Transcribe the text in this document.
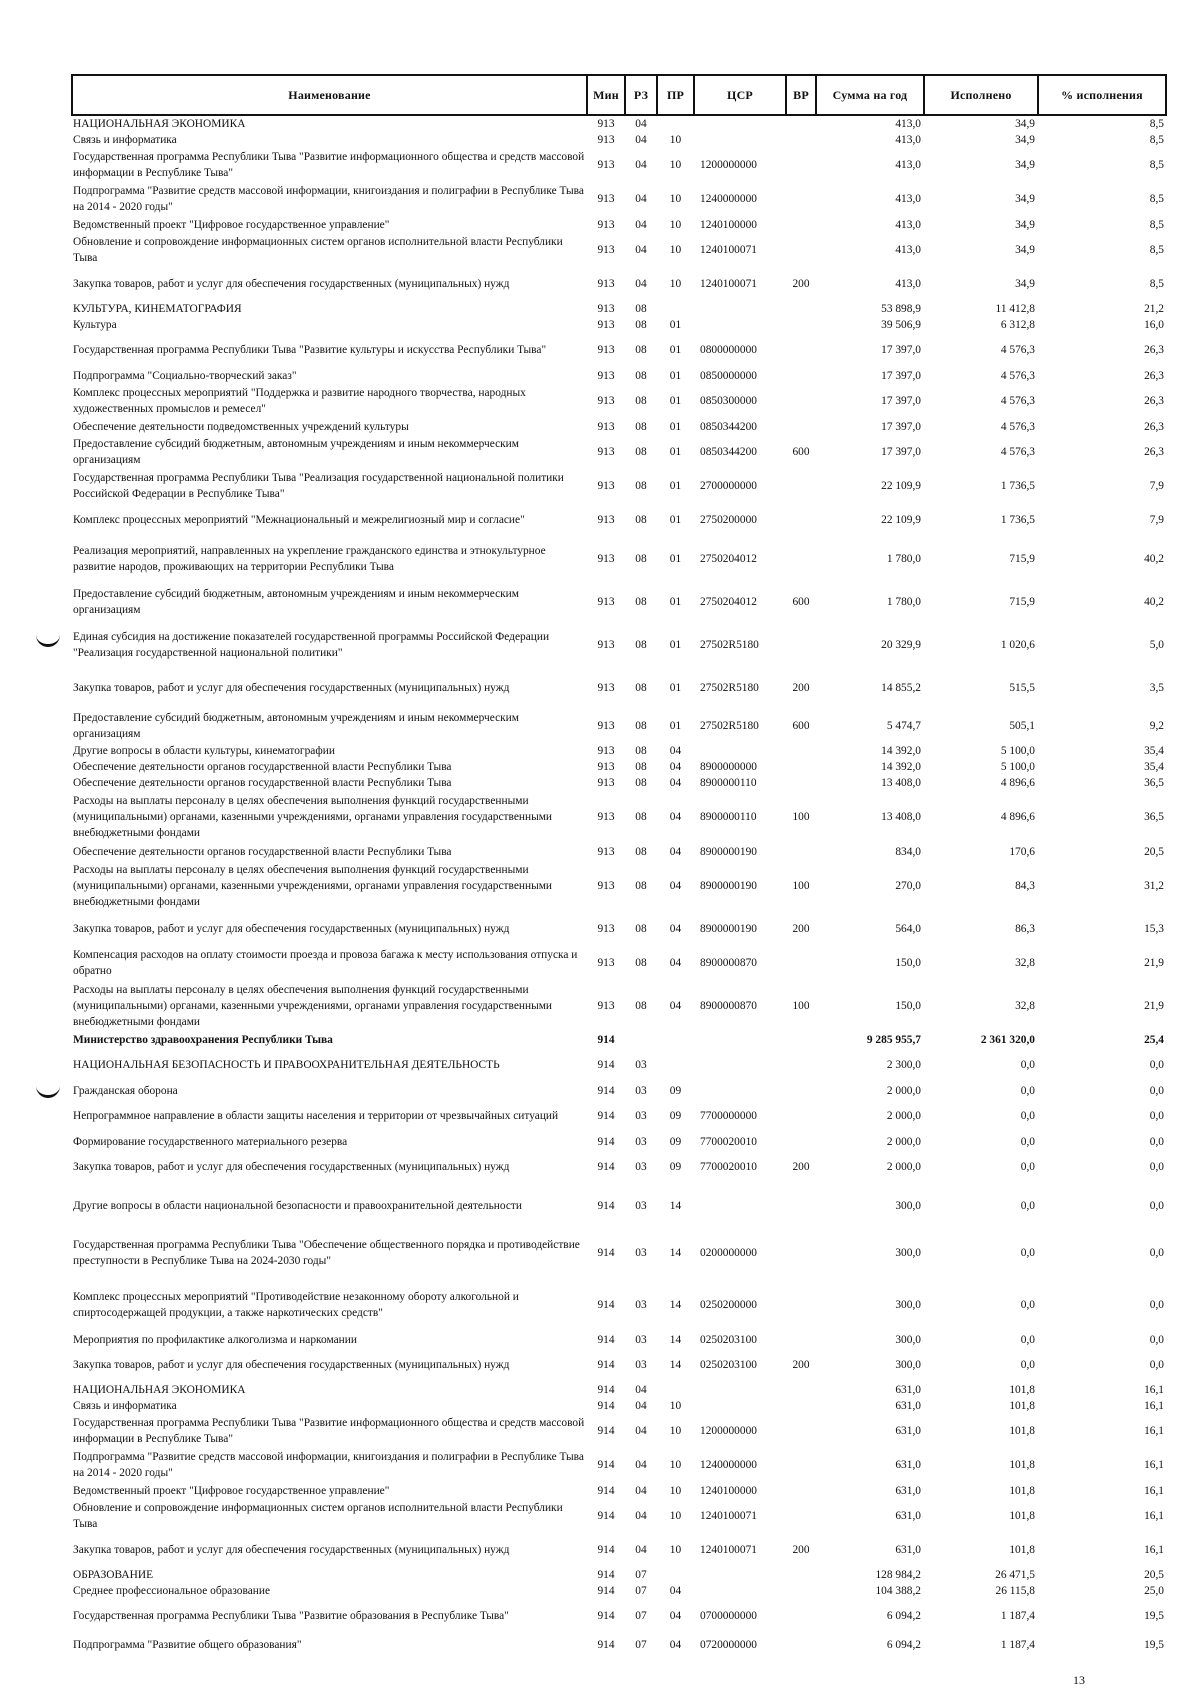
Наименование	Мин	РЗ	ПР	ЦСР	ВР	Сумма на год	Исполнено	% исполнения
НАЦИОНАЛЬНАЯ ЭКОНОМИКА	913	04				413,0	34,9	8,5
Связь и информатика	913	04	10			413,0	34,9	8,5
Государственная программа Республики Тыва "Развитие информационного общества и средств массовой информации в Республике Тыва"	913	04	10	1200000000		413,0	34,9	8,5
Подпрограмма "Развитие средств массовой информации, книгоиздания и полиграфии в Республике Тыва на 2014 - 2020 годы"	913	04	10	1240000000		413,0	34,9	8,5
Ведомственный проект "Цифровое государственное управление"	913	04	10	1240100000		413,0	34,9	8,5
Обновление и сопровождение информационных систем органов исполнительной власти Республики Тыва	913	04	10	1240100071		413,0	34,9	8,5
Закупка товаров, работ и услуг для обеспечения государственных (муниципальных) нужд	913	04	10	1240100071	200	413,0	34,9	8,5
КУЛЬТУРА, КИНЕМАТОГРАФИЯ	913	08				53 898,9	11 412,8	21,2
Культура	913	08	01			39 506,9	6 312,8	16,0
Государственная программа Республики Тыва "Развитие культуры и искусства Республики Тыва"	913	08	01	0800000000		17 397,0	4 576,3	26,3
Подпрограмма "Социально-творческий заказ"	913	08	01	0850000000		17 397,0	4 576,3	26,3
Комплекс процессных мероприятий "Поддержка и развитие народного творчества, народных художественных промыслов и ремесел"	913	08	01	0850300000		17 397,0	4 576,3	26,3
Обеспечение деятельности подведомственных учреждений культуры	913	08	01	0850344200		17 397,0	4 576,3	26,3
Предоставление субсидий бюджетным, автономным учреждениям и иным некоммерческим организациям	913	08	01	0850344200	600	17 397,0	4 576,3	26,3
Государственная программа Республики Тыва "Реализация государственной национальной политики Российской Федерации в Республике Тыва"	913	08	01	2700000000		22 109,9	1 736,5	7,9
Комплекс процессных мероприятий "Межнациональный и межрелигиозный мир и согласие"	913	08	01	2750200000		22 109,9	1 736,5	7,9
Реализация мероприятий, направленных на укрепление гражданского единства и этнокультурное развитие народов, проживающих на территории Республики Тыва	913	08	01	2750204012		1 780,0	715,9	40,2
Предоставление субсидий бюджетным, автономным учреждениям и иным некоммерческим организациям	913	08	01	2750204012	600	1 780,0	715,9	40,2
Единая субсидия на достижение показателей государственной программы Российской Федерации "Реализация государственной национальной политики"	913	08	01	27502R5180		20 329,9	1 020,6	5,0
Закупка товаров, работ и услуг для обеспечения государственных (муниципальных) нужд	913	08	01	27502R5180	200	14 855,2	515,5	3,5
Предоставление субсидий бюджетным, автономным учреждениям и иным некоммерческим организациям	913	08	01	27502R5180	600	5 474,7	505,1	9,2
Другие вопросы в области культуры, кинематографии	913	08	04			14 392,0	5 100,0	35,4
Обеспечение деятельности органов государственной власти Республики Тыва	913	08	04	8900000000		14 392,0	5 100,0	35,4
Обеспечение деятельности органов государственной власти Республики Тыва	913	08	04	8900000110		13 408,0	4 896,6	36,5
Расходы на выплаты персоналу в целях обеспечения выполнения функций государственными (муниципальными) органами, казенными учреждениями, органами управления государственными внебюджетными фондами	913	08	04	8900000110	100	13 408,0	4 896,6	36,5
Обеспечение деятельности органов государственной власти Республики Тыва	913	08	04	8900000190		834,0	170,6	20,5
Расходы на выплаты персоналу в целях обеспечения выполнения функций государственными (муниципальными) органами, казенными учреждениями, органами управления государственными внебюджетными фондами	913	08	04	8900000190	100	270,0	84,3	31,2
Закупка товаров, работ и услуг для обеспечения государственных (муниципальных) нужд	913	08	04	8900000190	200	564,0	86,3	15,3
Компенсация расходов на оплату стоимости проезда и провоза багажа к месту использования отпуска и обратно	913	08	04	8900000870		150,0	32,8	21,9
Расходы на выплаты персоналу в целях обеспечения выполнения функций государственными (муниципальными) органами, казенными учреждениями, органами управления государственными внебюджетными фондами	913	08	04	8900000870	100	150,0	32,8	21,9
Министерство здравоохранения Республики Тыва	914					9 285 955,7	2 361 320,0	25,4
НАЦИОНАЛЬНАЯ БЕЗОПАСНОСТЬ И ПРАВООХРАНИТЕЛЬНАЯ ДЕЯТЕЛЬНОСТЬ	914	03				2 300,0	0,0	0,0
Гражданская оборона	914	03	09			2 000,0	0,0	0,0
Непрограммное направление в области защиты населения и территории от чрезвычайных ситуаций	914	03	09	7700000000		2 000,0	0,0	0,0
Формирование государственного материального резерва	914	03	09	7700020010		2 000,0	0,0	0,0
Закупка товаров, работ и услуг для обеспечения государственных (муниципальных) нужд	914	03	09	7700020010	200	2 000,0	0,0	0,0
Другие вопросы в области национальной безопасности и правоохранительной деятельности	914	03	14			300,0	0,0	0,0
Государственная программа Республики Тыва "Обеспечение общественного порядка и противодействие преступности в Республике Тыва на 2024-2030 годы"	914	03	14	0200000000		300,0	0,0	0,0
Комплекс процессных мероприятий "Противодействие незаконному обороту алкогольной и спиртосодержащей продукции, а также наркотических средств"	914	03	14	0250200000		300,0	0,0	0,0
Мероприятия по профилактике алкоголизма и наркомании	914	03	14	0250203100		300,0	0,0	0,0
Закупка товаров, работ и услуг для обеспечения государственных (муниципальных) нужд	914	03	14	0250203100	200	300,0	0,0	0,0
НАЦИОНАЛЬНАЯ ЭКОНОМИКА	914	04				631,0	101,8	16,1
Связь и информатика	914	04	10			631,0	101,8	16,1
Государственная программа Республики Тыва "Развитие информационного общества и средств массовой информации в Республике Тыва"	914	04	10	1200000000		631,0	101,8	16,1
Подпрограмма "Развитие средств массовой информации, книгоиздания и полиграфии в Республике Тыва на 2014 - 2020 годы"	914	04	10	1240000000		631,0	101,8	16,1
Ведомственный проект "Цифровое государственное управление"	914	04	10	1240100000		631,0	101,8	16,1
Обновление и сопровождение информационных систем органов исполнительной власти Республики Тыва	914	04	10	1240100071		631,0	101,8	16,1
Закупка товаров, работ и услуг для обеспечения государственных (муниципальных) нужд	914	04	10	1240100071	200	631,0	101,8	16,1
ОБРАЗОВАНИЕ	914	07				128 984,2	26 471,5	20,5
Среднее профессиональное образование	914	07	04			104 388,2	26 115,8	25,0
Государственная программа Республики Тыва "Развитие образования в Республике Тыва"	914	07	04	0700000000		6 094,2	1 187,4	19,5
Подпрограмма "Развитие общего образования"	914	07	04	0720000000		6 094,2	1 187,4	19,5
13
